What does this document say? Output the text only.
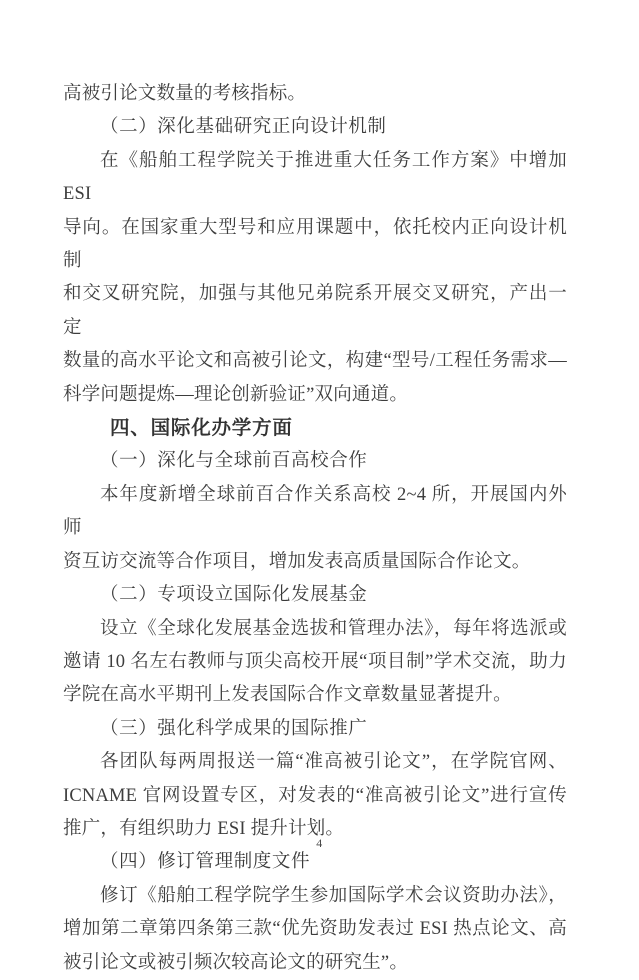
高被引论文数量的考核指标。
（二）深化基础研究正向设计机制
在《船舶工程学院关于推进重大任务工作方案》中增加 ESI
导向。在国家重大型号和应用课题中，依托校内正向设计机制
和交叉研究院，加强与其他兄弟院系开展交叉研究，产出一定
数量的高水平论文和高被引论文，构建“型号/工程任务需求—
科学问题提炼—理论创新验证”双向通道。
四、国际化办学方面
（一）深化与全球前百高校合作
本年度新增全球前百合作关系高校 2~4 所，开展国内外师
资互访交流等合作项目，增加发表高质量国际合作论文。
（二）专项设立国际化发展基金
设立《全球化发展基金选拔和管理办法》，每年将选派或
邀请 10 名左右教师与顶尖高校开展“项目制”学术交流，助力
学院在高水平期刊上发表国际合作文章数量显著提升。
（三）强化科学成果的国际推广
各团队每两周报送一篇“准高被引论文”，在学院官网、
ICNAME 官网设置专区，对发表的“准高被引论文”进行宣传
推广，有组织助力 ESI 提升计划。
（四）修订管理制度文件
修订《船舶工程学院学生参加国际学术会议资助办法》，
增加第二章第四条第三款“优先资助发表过 ESI 热点论文、高
被引论文或被引频次较高论文的研究生”。
4
